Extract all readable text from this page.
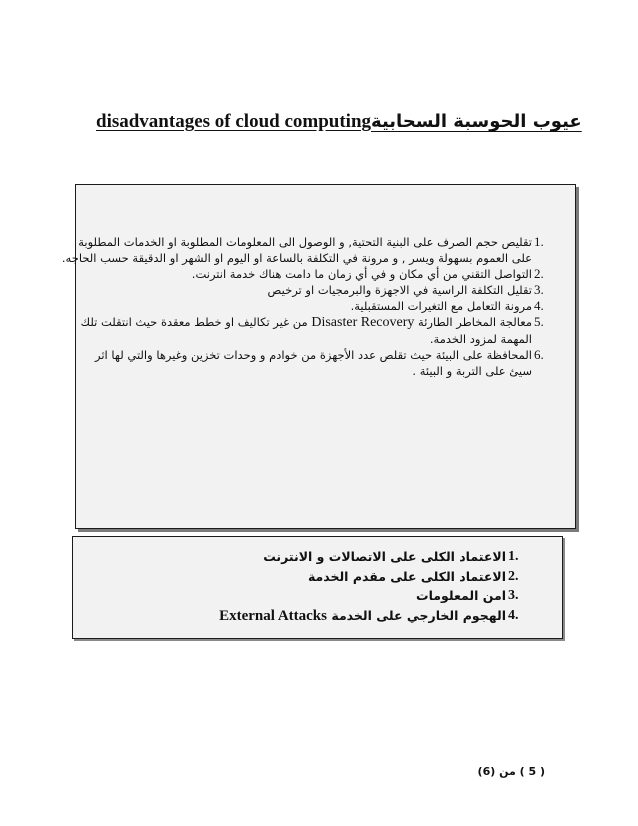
disadvantages of cloud computing عيوب الحوسبة السحابية
1.
تقليص حجم الصرف على البنية التحتية, و الوصول الى المعلومات المطلوبة او الخدمات المطلوبة
على العموم بسهولة ويسر , و مرونة في التكلفة بالساعة او اليوم او الشهر او الدقيقة حسب الحاجه.
2.
التواصل التقني من أي مكان و في أي زمان ما دامت هناك خدمة انترنت.
3.
تقليل التكلفة الراسية في الاجهزة والبرمجيات او ترخيص
4.
مرونة التعامل مع التغيرات المستقبلية.
5.
معالجة المخاطر الطارئة Disaster Recovery من غير تكاليف او خطط معقدة حيث انتقلت تلك
المهمة لمزود الخدمة.
6.
المحافظة على البيئة حيث تقلص عدد الأجهزة من خوادم و وحدات تخزين وغيرها والتي لها اثر
سيئ على التربة و البيئة .
1.
الاعتماد الكلى على الاتصالات و الانترنت
2.
الاعتماد الكلى على مقدم الخدمة
3.
امن المعلومات
4.
الهجوم الخارجي على الخدمة External Attacks
( 5 ) من (6)
